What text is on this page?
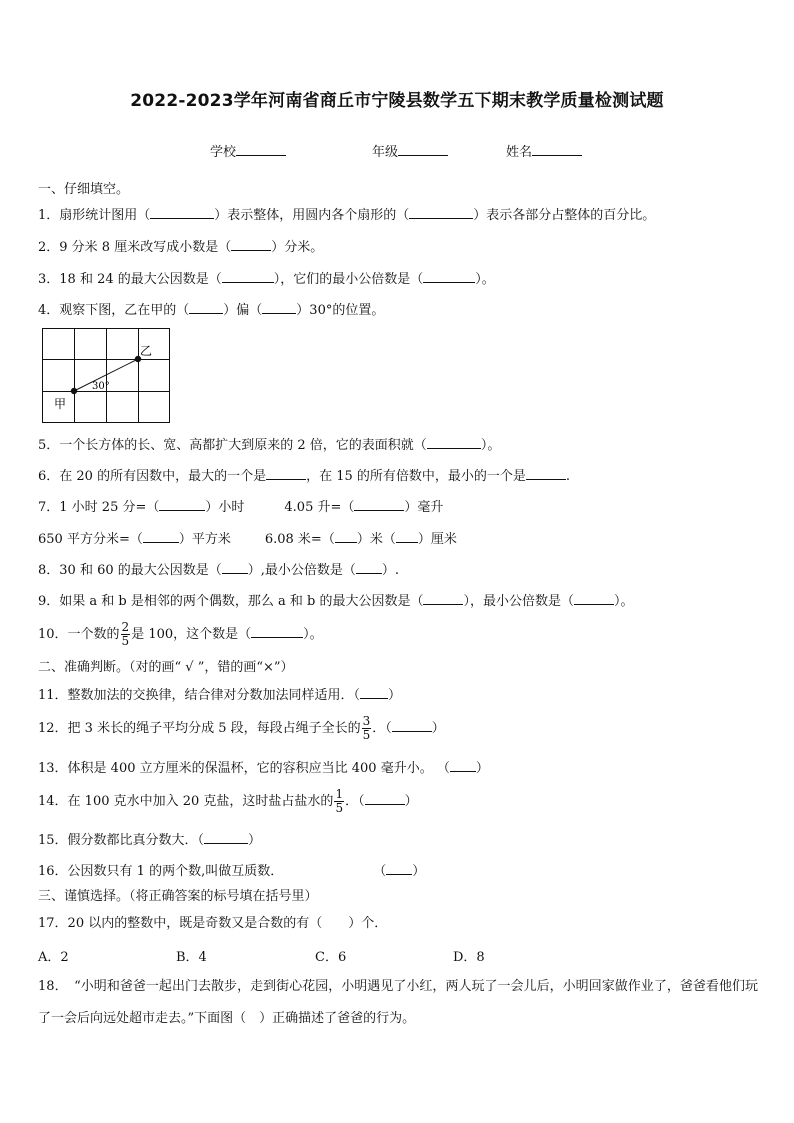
2022-2023学年河南省商丘市宁陵县数学五下期末教学质量检测试题
学校	年级	姓名
一、仔细填空。
1．扇形统计图用（	）表示整体，用圆内各个扇形的（	）表示各部分占整体的百分比。
2．9 分米 8 厘米改写成小数是（	）分米。
3．18 和 24 的最大公因数是（	），它们的最小公倍数是（	）。
4．观察下图，乙在甲的（	）偏（	）30°的位置。
乙
甲
30°
5．一个长方体的长、宽、高都扩大到原来的 2 倍，它的表面积就（	）。
6．在 20 的所有因数中，最大的一个是	，在 15 的所有倍数中，最小的一个是	.
7．1 小时 25 分=（	）小时	4.05 升=（	）毫升
650 平方分米=（	）平方米	6.08 米=（ ）米（ ）厘米
8．30 和 60 的最大公因数是（ ）,最小公倍数是（ ）.
9．如果 a 和 b 是相邻的两个偶数，那么 a 和 b 的最大公因数是（	），最小公倍数是（	）。
10．一个数的 $\frac{2}{5}$ 是 100，这个数是（	）。
二、准确判断。（对的画“ √ ”，错的画“×”）
11．整数加法的交换律，结合律对分数加法同样适用．（ ）
12．把 3 米长的绳子平均分成 5 段，每段占绳子全长的 $\frac{3}{5}$ ．（	）
13．体积是 400 立方厘米的保温杯，它的容积应当比 400 毫升小。 （ ）
14．在 100 克水中加入 20 克盐，这时盐占盐水的 $\frac{1}{5}$ ．（	）
15．假分数都比真分数大．（	）
16．公因数只有 1 的两个数,叫做互质数．	（ ）
三、谨慎选择。（将正确答案的标号填在括号里）
17．20 以内的整数中，既是奇数又是合数的有（　　）个．
A．2	B．4	C．6	D．8
18．　“小明和爸爸一起出门去散步，走到街心花园，小明遇见了小红，两人玩了一会儿后，小明回家做作业了，爸爸看他们玩了一会后向远处超市走去。”下面图（　）正确描述了爸爸的行为。
